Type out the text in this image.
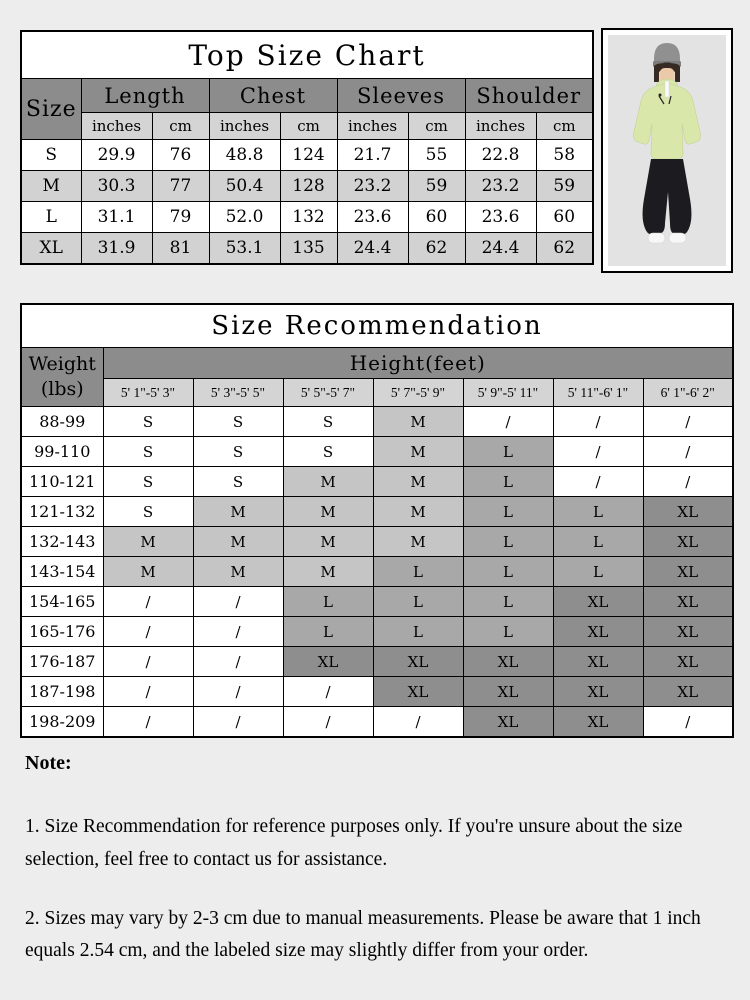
Top Size Chart								
Size	Length		Chest		Sleeves		Shoulder	
	inches	cm	inches	cm	inches	cm	inches	cm
S	29.9	76	48.8	124	21.7	55	22.8	58
M	30.3	77	50.4	128	23.2	59	23.2	59
L	31.1	79	52.0	132	23.6	60	23.6	60
XL	31.9	81	53.1	135	24.4	62	24.4	62
Size Recommendation							
Weight
(lbs)	Height(feet)						
	5' 1"-5' 3"	5' 3"-5' 5"	5' 5"-5' 7"	5' 7"-5' 9"	5' 9"-5' 11"	5' 11"-6' 1"	6' 1"-6' 2"
88-99	S	S	S	M	/	/	/
99-110	S	S	S	M	L	/	/
110-121	S	S	M	M	L	/	/
121-132	S	M	M	M	L	L	XL
132-143	M	M	M	M	L	L	XL
143-154	M	M	M	L	L	L	XL
154-165	/	/	L	L	L	XL	XL
165-176	/	/	L	L	L	XL	XL
176-187	/	/	XL	XL	XL	XL	XL
187-198	/	/	/	XL	XL	XL	XL
198-209	/	/	/	/	XL	XL	/
Note:

1. Size Recommendation for reference purposes only. If you're unsure about the size selection, feel free to contact us for assistance.

2. Sizes may vary by 2-3 cm due to manual measurements. Please be aware that 1 inch equals 2.54 cm, and the labeled size may slightly differ from your order.
